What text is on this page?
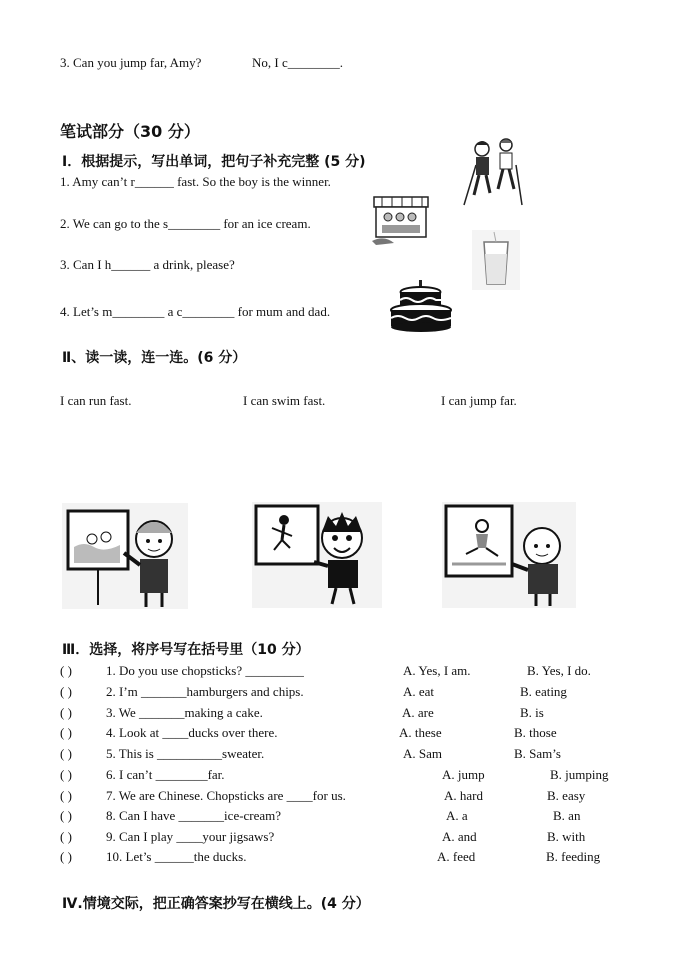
3. Can you jump far, Amy?	No, I c________.
笔试部分（30 分）
Ⅰ．根据提示，写出单词，把句子补充完整 (5 分)
1. Amy can’t r______ fast. So the boy is the winner.
2. We can go to the s________ for an ice cream.
3. Can I h______ a drink, please?
4. Let’s m________ a c________ for mum and dad.
Ⅱ、读一读，连一连。(6 分）
I can run fast.	I can swim fast.	I can jump far.
Ⅲ．选择，将序号写在括号里（10 分）
( )	1. Do you use chopsticks? _________	A. Yes, I am.	B. Yes, I do.
( )	2. I’m _______hamburgers and chips.	A. eat	B. eating
( )	3. We _______making a cake.	A. are	B. is
( )	4. Look at ____ducks over there.	A. these	B. those
( )	5. This is __________sweater.	A. Sam	B. Sam’s
( )	6. I can’t ________far.	A. jump	B. jumping
( )	7. We are Chinese. Chopsticks are ____for us.	A. hard	B. easy
( )	8. Can I have _______ice-cream?	A. a	B. an
( )	9. Can I play ____your jigsaws?	A. and	B. with
( )	10. Let’s ______the ducks.	A. feed	B. feeding
Ⅳ.情境交际，把正确答案抄写在横线上。(4 分）
